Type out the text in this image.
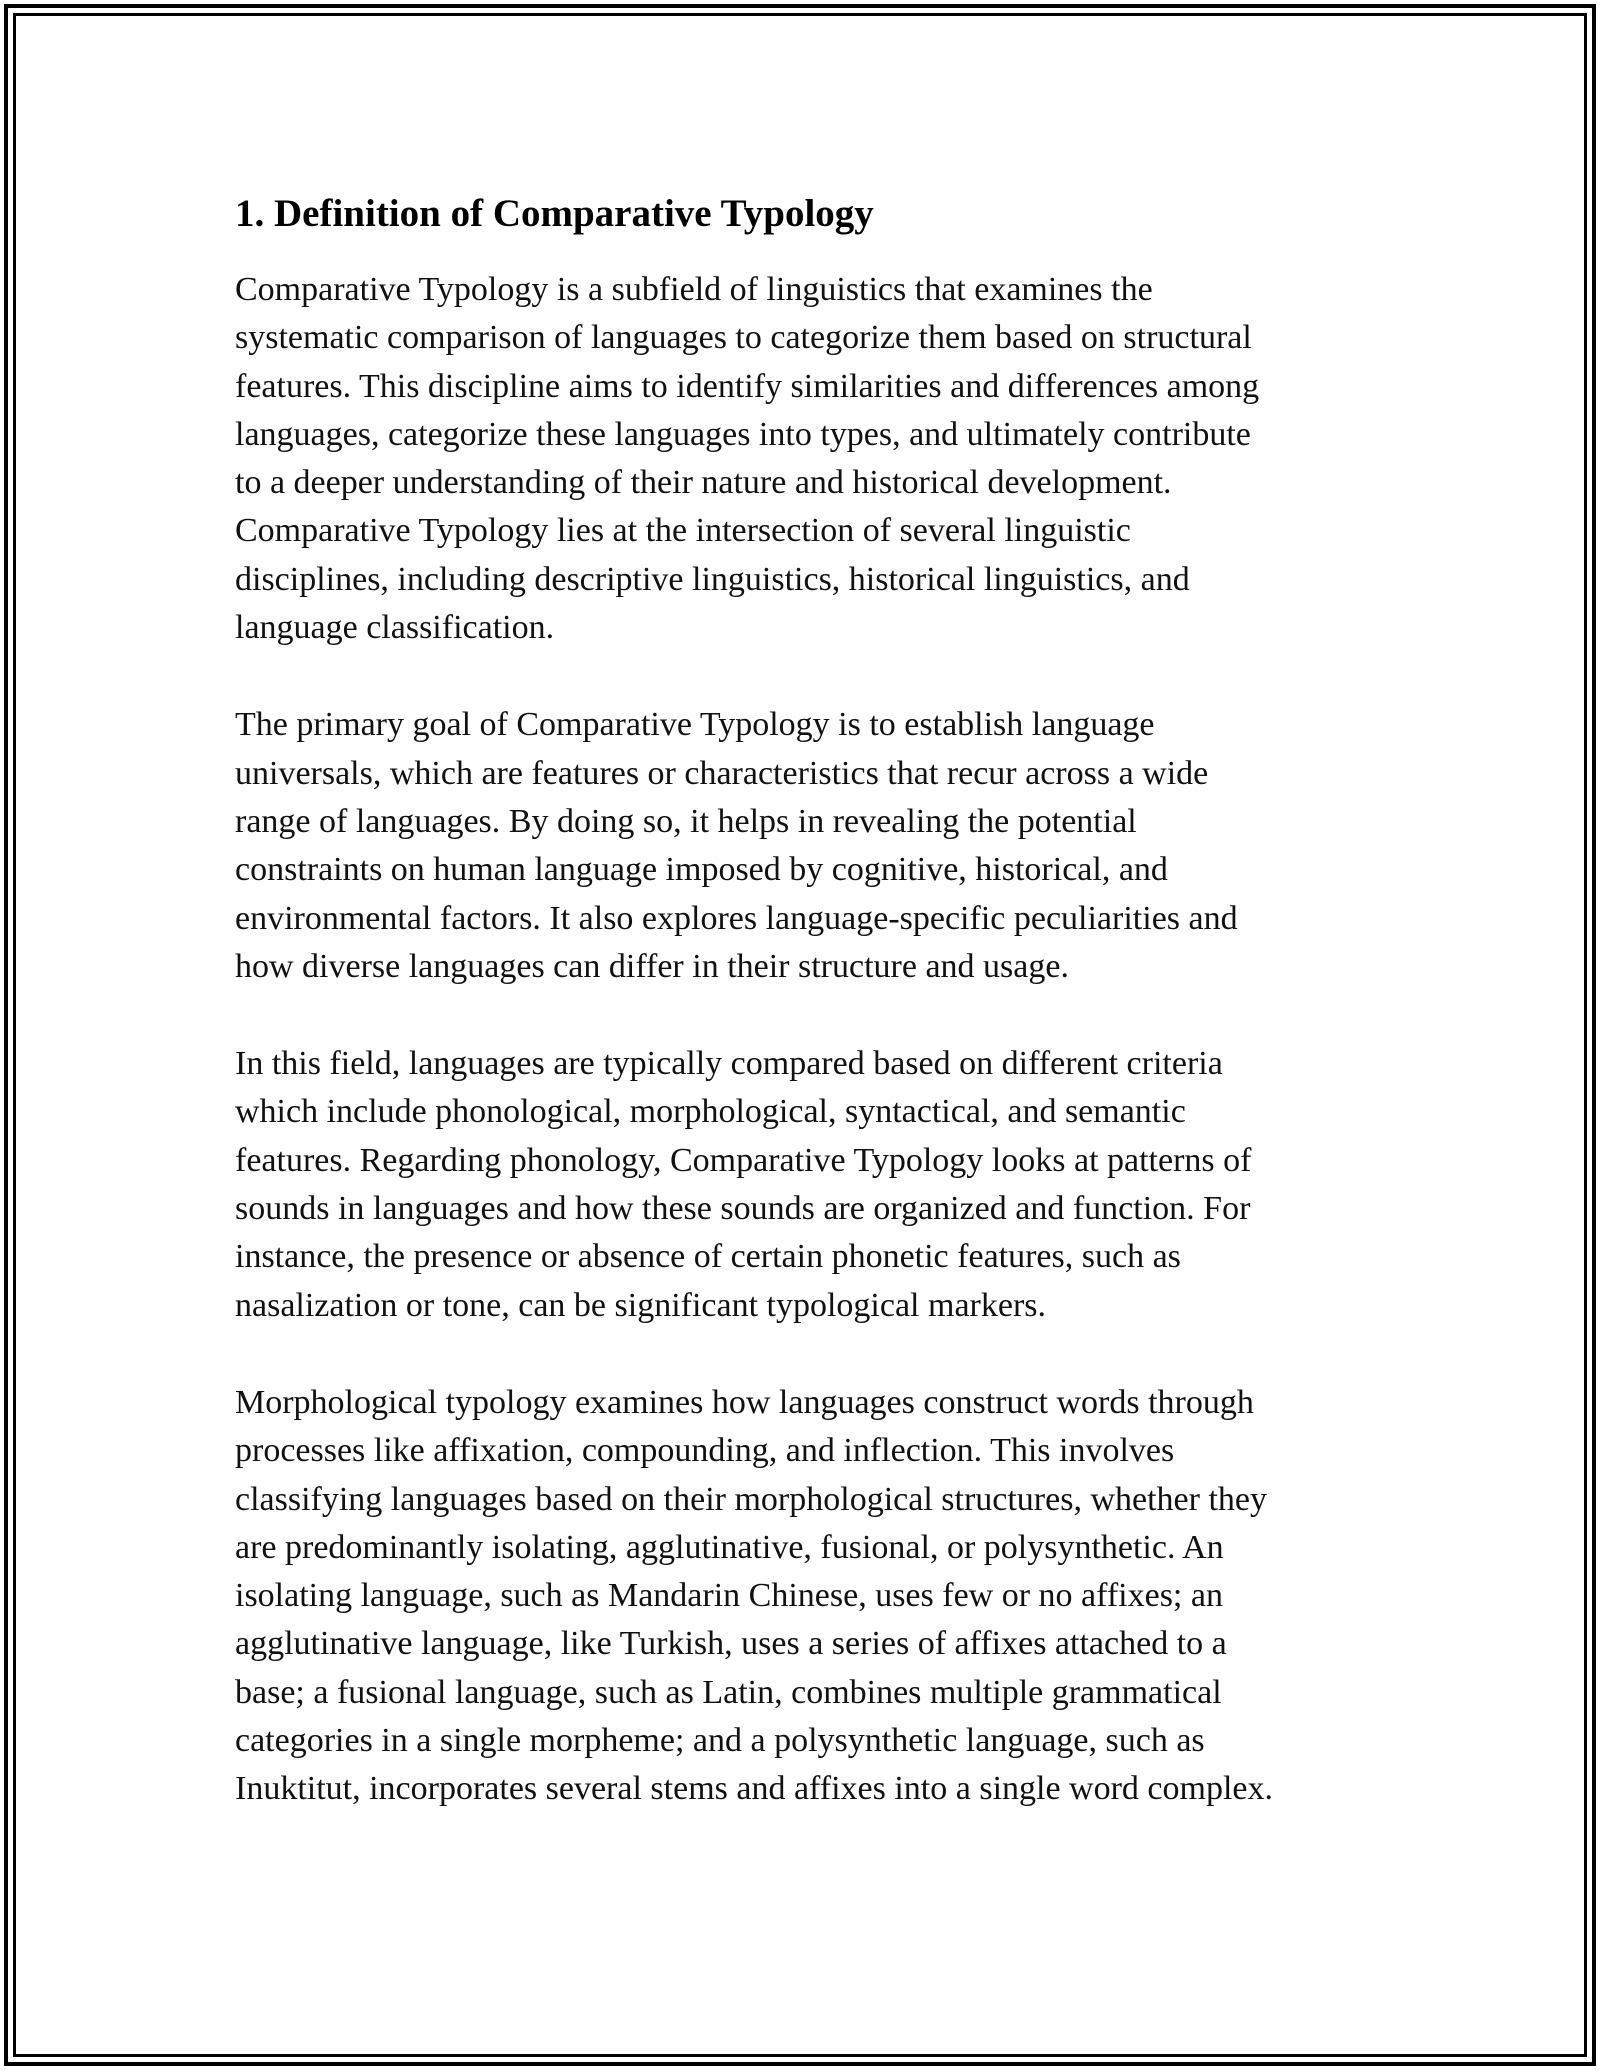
1. Definition of Comparative Typology

Comparative Typology is a subfield of linguistics that examines the
systematic comparison of languages to categorize them based on structural
features. This discipline aims to identify similarities and differences among
languages, categorize these languages into types, and ultimately contribute
to a deeper understanding of their nature and historical development.
Comparative Typology lies at the intersection of several linguistic
disciplines, including descriptive linguistics, historical linguistics, and
language classification.

The primary goal of Comparative Typology is to establish language
universals, which are features or characteristics that recur across a wide
range of languages. By doing so, it helps in revealing the potential
constraints on human language imposed by cognitive, historical, and
environmental factors. It also explores language-specific peculiarities and
how diverse languages can differ in their structure and usage.

In this field, languages are typically compared based on different criteria
which include phonological, morphological, syntactical, and semantic
features. Regarding phonology, Comparative Typology looks at patterns of
sounds in languages and how these sounds are organized and function. For
instance, the presence or absence of certain phonetic features, such as
nasalization or tone, can be significant typological markers.

Morphological typology examines how languages construct words through
processes like affixation, compounding, and inflection. This involves
classifying languages based on their morphological structures, whether they
are predominantly isolating, agglutinative, fusional, or polysynthetic. An
isolating language, such as Mandarin Chinese, uses few or no affixes; an
agglutinative language, like Turkish, uses a series of affixes attached to a
base; a fusional language, such as Latin, combines multiple grammatical
categories in a single morpheme; and a polysynthetic language, such as
Inuktitut, incorporates several stems and affixes into a single word complex.
